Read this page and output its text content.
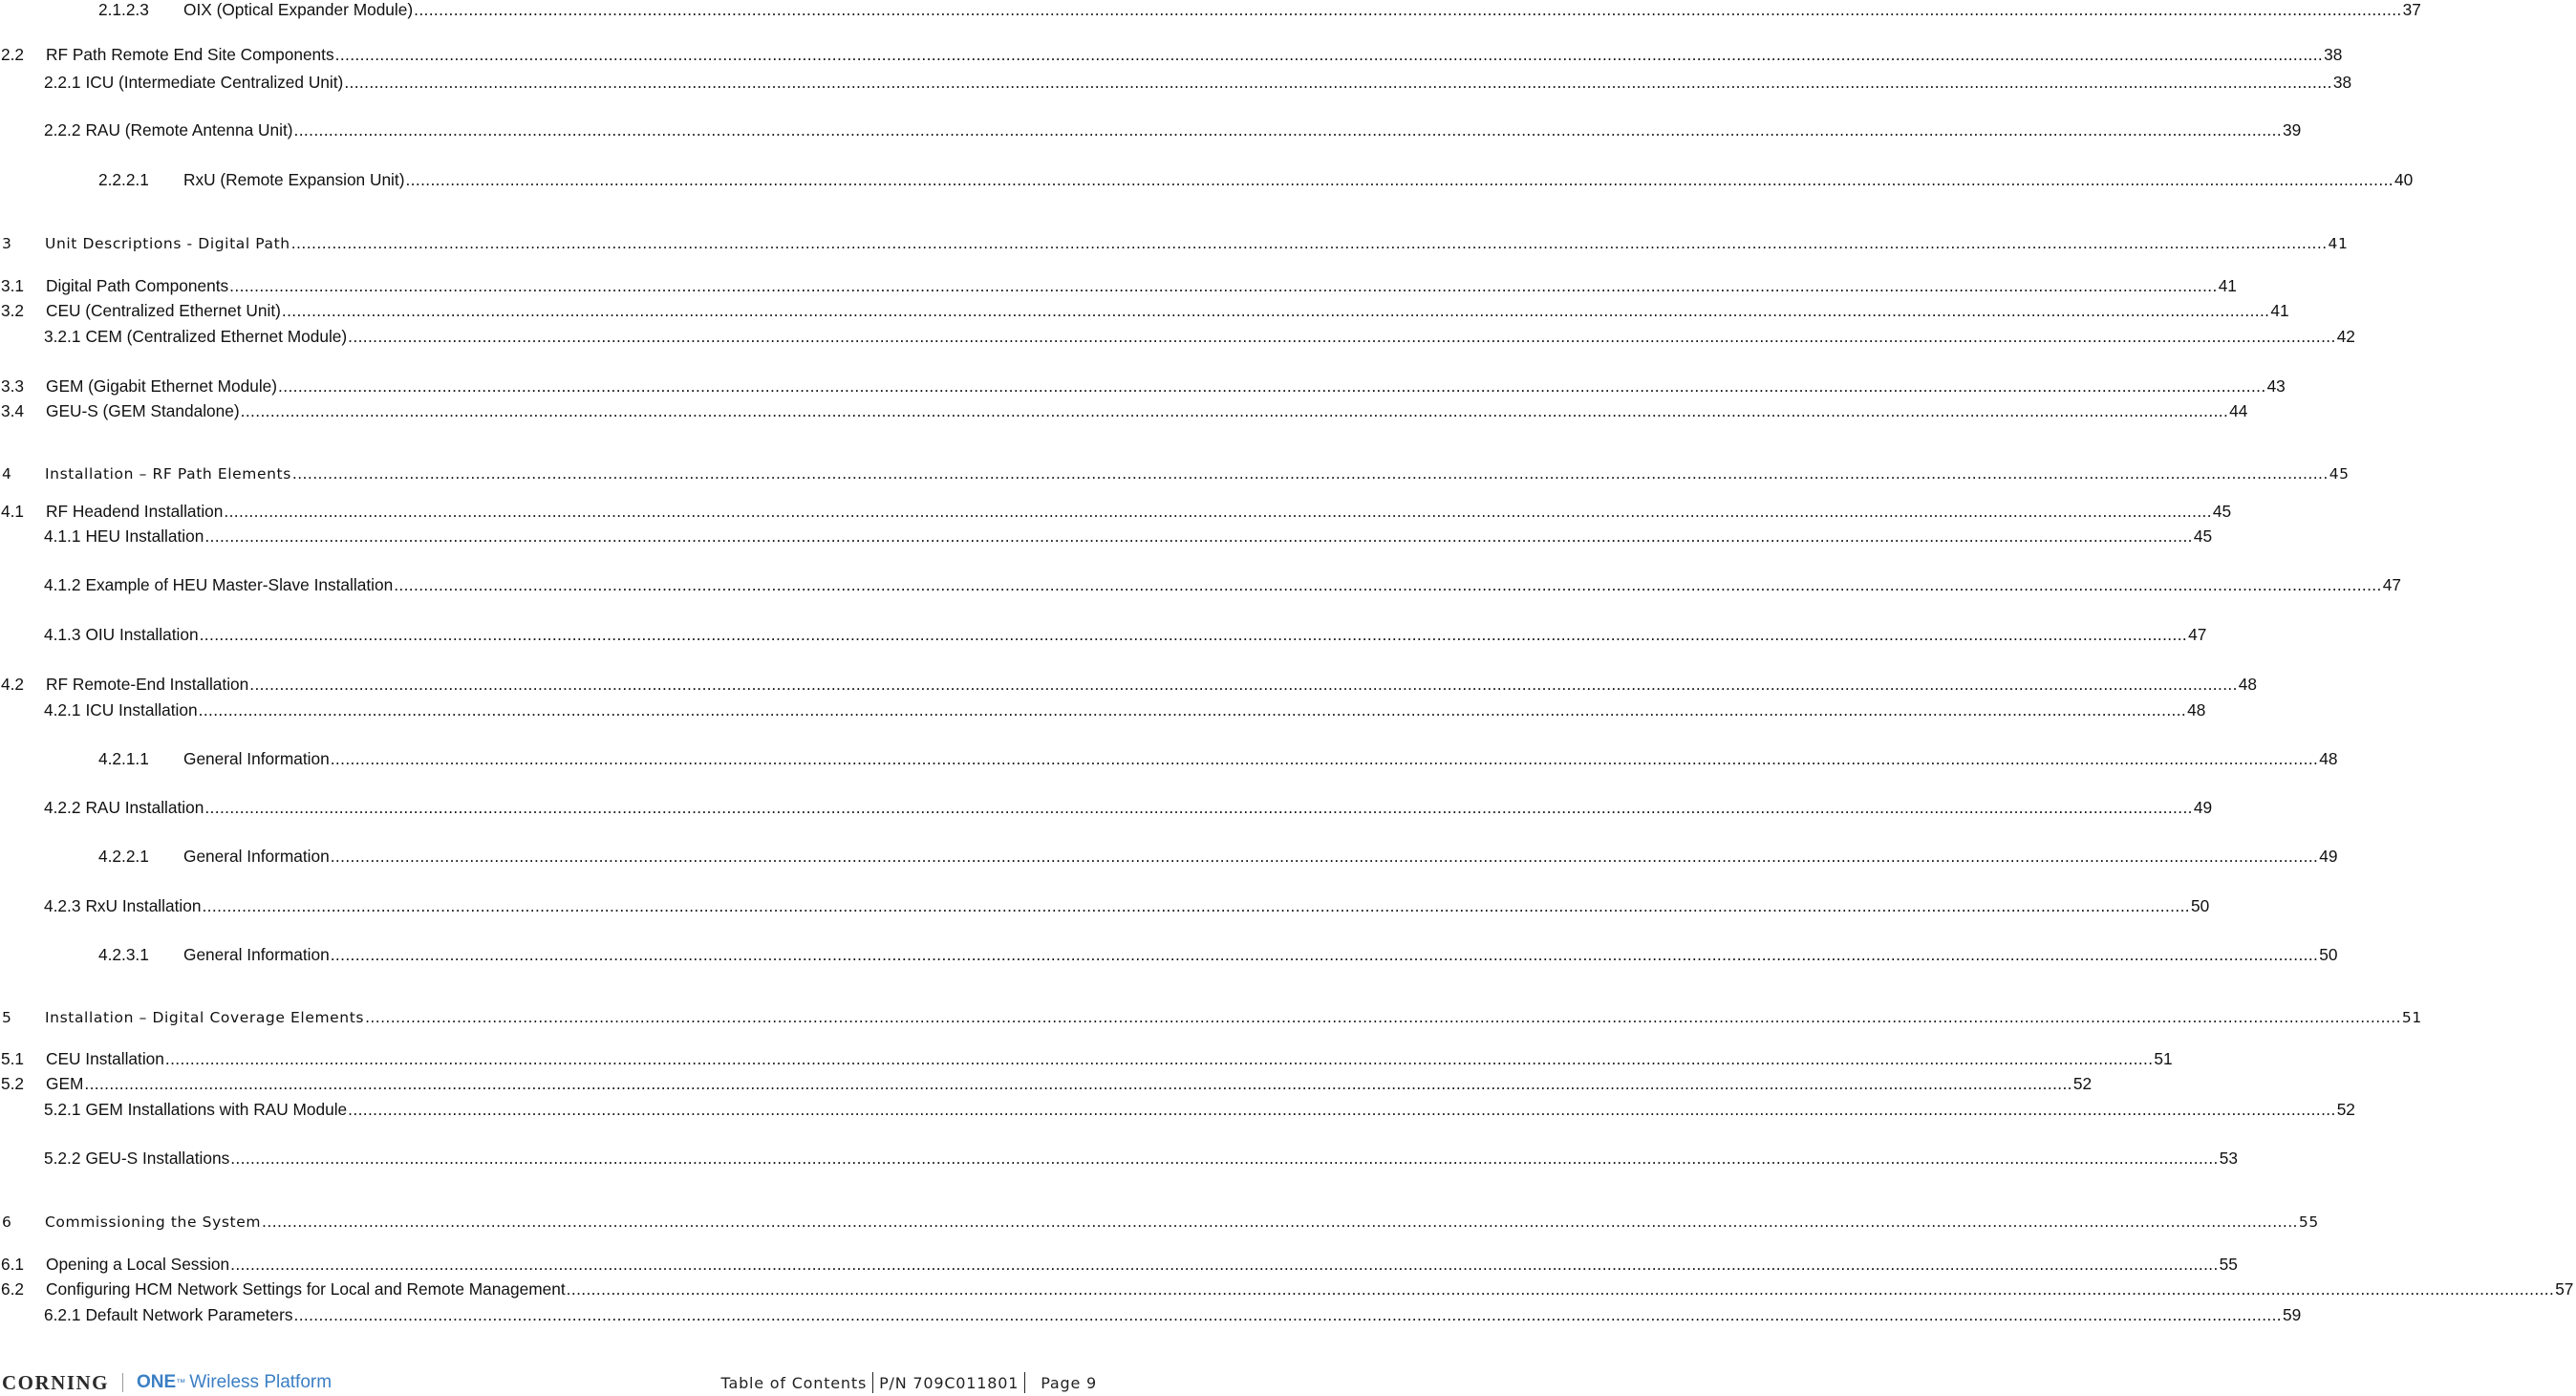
2.1.2.3	OIX (Optical Expander Module) ................................................................................................................................................................................................................................................................................................................................................................................................................ 37
2.2	RF Path Remote End Site Components ................................................................................................................................................................................................................................................................................................................................................................................................................ 38
2.2.1 ICU (Intermediate Centralized Unit) ................................................................................................................................................................................................................................................................................................................................................................................................................ 38
2.2.2 RAU (Remote Antenna Unit) ................................................................................................................................................................................................................................................................................................................................................................................................................ 39
2.2.2.1	RxU (Remote Expansion Unit) ................................................................................................................................................................................................................................................................................................................................................................................................................ 40
3	Unit Descriptions - Digital Path ................................................................................................................................................................................................................................................................................................................................................................................................................ 41
3.1	Digital Path Components ................................................................................................................................................................................................................................................................................................................................................................................................................ 41
3.2	CEU (Centralized Ethernet Unit) ................................................................................................................................................................................................................................................................................................................................................................................................................ 41
3.2.1 CEM (Centralized Ethernet Module) ................................................................................................................................................................................................................................................................................................................................................................................................................ 42
3.3	GEM (Gigabit Ethernet Module) ................................................................................................................................................................................................................................................................................................................................................................................................................ 43
3.4	GEU-S (GEM Standalone) ................................................................................................................................................................................................................................................................................................................................................................................................................ 44
4	Installation – RF Path Elements ................................................................................................................................................................................................................................................................................................................................................................................................................ 45
4.1	RF Headend Installation ................................................................................................................................................................................................................................................................................................................................................................................................................ 45
4.1.1 HEU Installation ................................................................................................................................................................................................................................................................................................................................................................................................................ 45
4.1.2 Example of HEU Master-Slave Installation ................................................................................................................................................................................................................................................................................................................................................................................................................ 47
4.1.3 OIU Installation ................................................................................................................................................................................................................................................................................................................................................................................................................ 47
4.2	RF Remote-End Installation ................................................................................................................................................................................................................................................................................................................................................................................................................ 48
4.2.1 ICU Installation ................................................................................................................................................................................................................................................................................................................................................................................................................ 48
4.2.1.1	General Information ................................................................................................................................................................................................................................................................................................................................................................................................................ 48
4.2.2 RAU Installation ................................................................................................................................................................................................................................................................................................................................................................................................................ 49
4.2.2.1	General Information ................................................................................................................................................................................................................................................................................................................................................................................................................ 49
4.2.3 RxU Installation ................................................................................................................................................................................................................................................................................................................................................................................................................ 50
4.2.3.1	General Information ................................................................................................................................................................................................................................................................................................................................................................................................................ 50
5	Installation – Digital Coverage Elements ................................................................................................................................................................................................................................................................................................................................................................................................................ 51
5.1	CEU Installation ................................................................................................................................................................................................................................................................................................................................................................................................................ 51
5.2	GEM ................................................................................................................................................................................................................................................................................................................................................................................................................ 52
5.2.1 GEM Installations with RAU Module ................................................................................................................................................................................................................................................................................................................................................................................................................ 52
5.2.2 GEU-S Installations ................................................................................................................................................................................................................................................................................................................................................................................................................ 53
6	Commissioning the System ................................................................................................................................................................................................................................................................................................................................................................................................................ 55
6.1	Opening a Local Session ................................................................................................................................................................................................................................................................................................................................................................................................................ 55
6.2	Configuring HCM Network Settings for Local and Remote Management ................................................................................................................................................................................................................................................................................................................................................................................................................ 57
6.2.1 Default Network Parameters ................................................................................................................................................................................................................................................................................................................................................................................................................ 59
CORNING ONE ™ Wireless Platform	Table of Contents P/N 709C011801 Page 9
